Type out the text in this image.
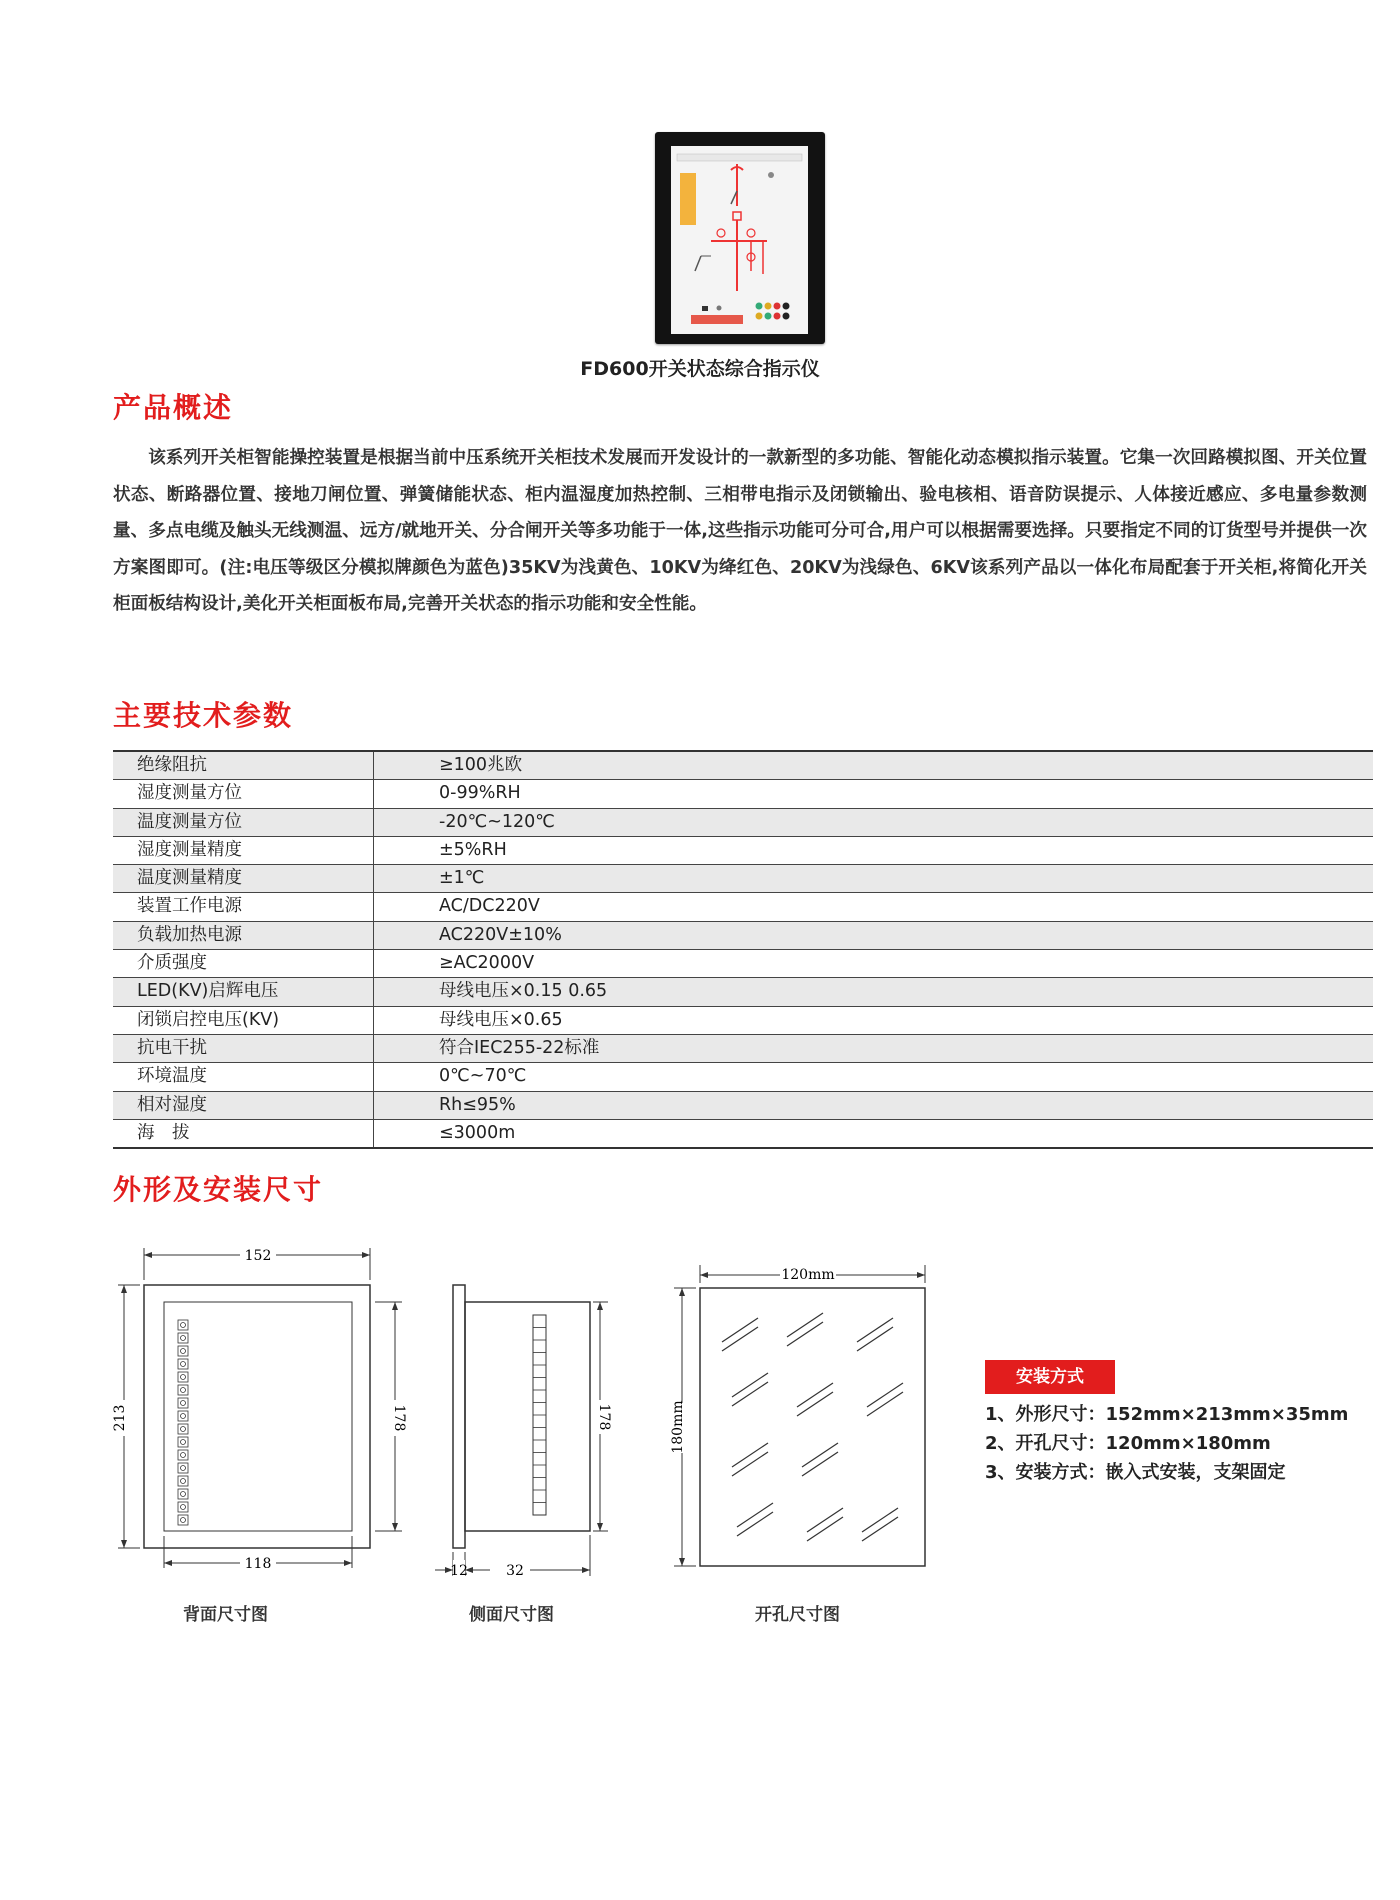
FD600开关状态综合指示仪
产品概述

该系列开关柜智能操控装置是根据当前中压系统开关柜技术发展而开发设计的一款新型的多功能、智能化动态模拟指示装置。它集一次回路模拟图、开关位置状态、断路器位置、接地刀闸位置、弹簧储能状态、柜内温湿度加热控制、三相带电指示及闭锁输出、验电核相、语音防误提示、人体接近感应、多电量参数测量、多点电缆及触头无线测温、远方/就地开关、分合闸开关等多功能于一体,这些指示功能可分可合,用户可以根据需要选择。只要指定不同的订货型号并提供一次方案图即可。(注:电压等级区分模拟牌颜色为蓝色)35KV为浅黄色、10KV为绛红色、20KV为浅绿色、6KV该系列产品以一体化布局配套于开关柜,将简化开关柜面板结构设计,美化开关柜面板布局,完善开关状态的指示功能和安全性能。

主要技术参数
绝缘阻抗	≥100兆欧
湿度测量方位	0-99%RH
温度测量方位	-20℃~120℃
湿度测量精度	±5%RH
温度测量精度	±1℃
装置工作电源	AC/DC220V
负载加热电源	AC220V±10%
介质强度	≥AC2000V
LED(KV)启辉电压	母线电压×0.15 0.65
闭锁启控电压(KV)	母线电压×0.65
抗电干扰	符合IEC255-22标准
环境温度	0℃~70℃
相对湿度	Rh≤95%
海　拔	≤3000m
外形及安装尺寸
152
213	178
118
背面尺寸图
178
12	32
侧面尺寸图
120mm
180mm
开孔尺寸图
安装方式
1、外形尺寸：152mm×213mm×35mm
2、开孔尺寸：120mm×180mm
3、安装方式：嵌入式安装，支架固定
